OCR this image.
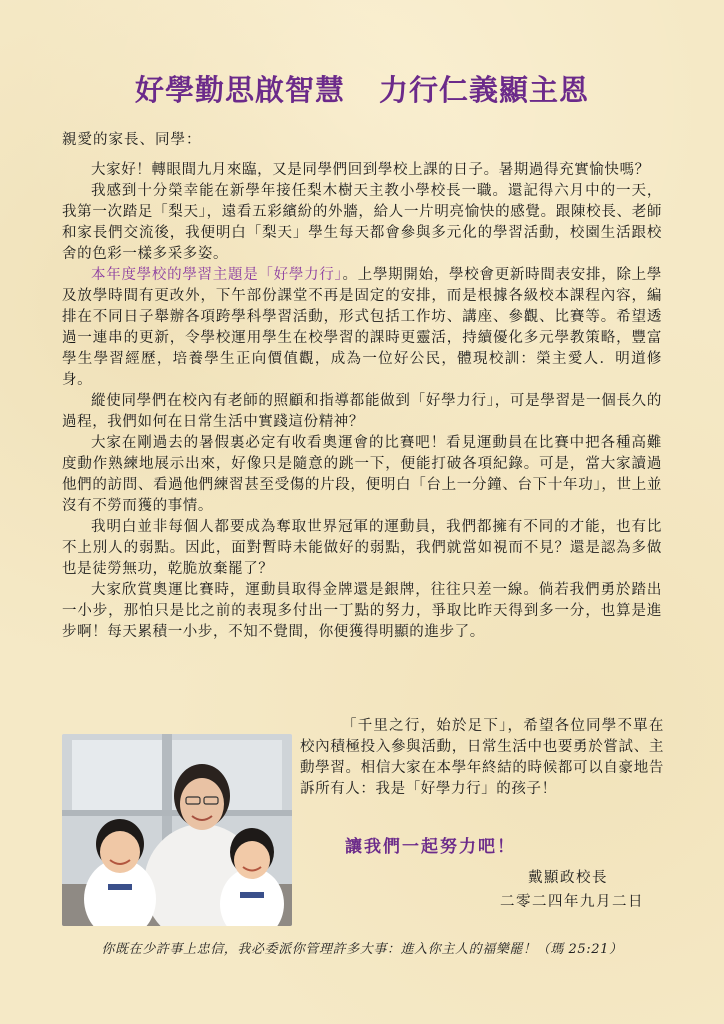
好學勤思啟智慧 力行仁義顯主恩
親愛的家長、同學：

大家好！轉眼間九月來臨，又是同學們回到學校上課的日子。暑期過得充實愉快嗎？

我感到十分榮幸能在新學年接任梨木樹天主教小學校長一職。還記得六月中的一天，我第一次踏足「梨天」，遠看五彩繽紛的外牆，給人一片明亮愉快的感覺。跟陳校長、老師和家長們交流後，我便明白「梨天」學生每天都會參與多元化的學習活動，校園生活跟校舍的色彩一樣多采多姿。

本年度學校的學習主題是「好學力行」。上學期開始，學校會更新時間表安排，除上學及放學時間有更改外，下午部份課堂不再是固定的安排，而是根據各級校本課程內容，編排在不同日子舉辦各項跨學科學習活動，形式包括工作坊、講座、參觀、比賽等。希望透過一連串的更新，令學校運用學生在校學習的課時更靈活，持續優化多元學教策略，豐富學生學習經歷，培養學生正向價值觀，成為一位好公民，體現校訓：榮主愛人．明道修身。

縱使同學們在校內有老師的照顧和指導都能做到「好學力行」，可是學習是一個長久的過程，我們如何在日常生活中實踐這份精神？

大家在剛過去的暑假裏必定有收看奧運會的比賽吧！看見運動員在比賽中把各種高難度動作熟練地展示出來，好像只是隨意的跳一下，便能打破各項紀錄。可是，當大家讀過他們的訪問、看過他們練習甚至受傷的片段，便明白「台上一分鐘、台下十年功」，世上並沒有不勞而獲的事情。

我明白並非每個人都要成為奪取世界冠軍的運動員，我們都擁有不同的才能，也有比不上別人的弱點。因此，面對暫時未能做好的弱點，我們就當如視而不見？還是認為多做也是徒勞無功，乾脆放棄罷了？

大家欣賞奧運比賽時，運動員取得金牌還是銀牌，往往只差一線。倘若我們勇於踏出一小步，那怕只是比之前的表現多付出一丁點的努力，爭取比昨天得到多一分，也算是進步啊！每天累積一小步，不知不覺間，你便獲得明顯的進步了。

「千里之行，始於足下」，希望各位同學不單在校內積極投入參與活動，日常生活中也要勇於嘗試、主動學習。相信大家在本學年終結的時候都可以自豪地告訴所有人：我是「好學力行」的孩子！

讓我們一起努力吧！
戴顯政校長
二零二四年九月二日
你既在少許事上忠信，我必委派你管理許多大事：進入你主人的福樂罷！（瑪 25:21）
